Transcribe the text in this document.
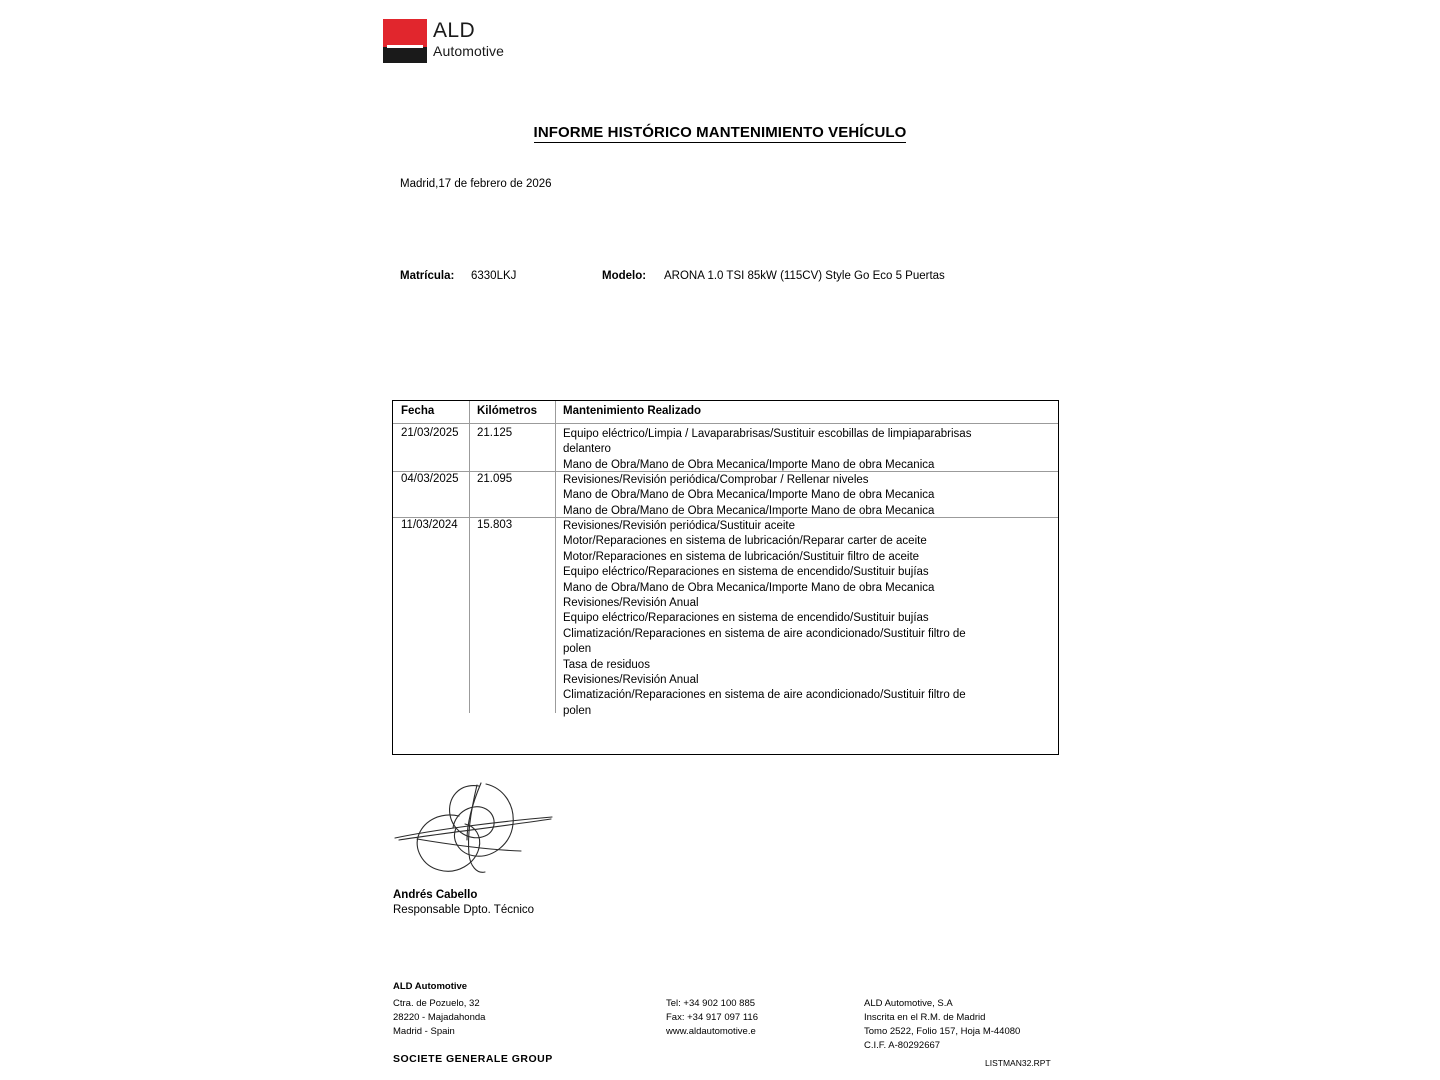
ALD
Automotive
INFORME HISTÓRICO MANTENIMIENTO VEHÍCULO
Madrid,17 de febrero de 2026
Matrícula: 6330LKJ	Modelo: ARONA 1.0 TSI 85kW (115CV) Style Go Eco 5 Puertas
Fecha	Kilómetros Mantenimiento Realizado
21/03/2025 21.125	Equipo eléctrico/Limpia / Lavaparabrisas/Sustituir escobillas de limpiaparabrisas delantero
Mano de Obra/Mano de Obra Mecanica/Importe Mano de obra Mecanica
04/03/2025 21.095	Revisiones/Revisión periódica/Comprobar / Rellenar niveles
Mano de Obra/Mano de Obra Mecanica/Importe Mano de obra Mecanica
Mano de Obra/Mano de Obra Mecanica/Importe Mano de obra Mecanica
11/03/2024 15.803	Revisiones/Revisión periódica/Sustituir aceite
Motor/Reparaciones en sistema de lubricación/Reparar carter de aceite
Motor/Reparaciones en sistema de lubricación/Sustituir filtro de aceite
Equipo eléctrico/Reparaciones en sistema de encendido/Sustituir bujías
Mano de Obra/Mano de Obra Mecanica/Importe Mano de obra Mecanica
Revisiones/Revisión Anual
Equipo eléctrico/Reparaciones en sistema de encendido/Sustituir bujías
Climatización/Reparaciones en sistema de aire acondicionado/Sustituir filtro de polen
Tasa de residuos
Revisiones/Revisión Anual
Climatización/Reparaciones en sistema de aire acondicionado/Sustituir filtro de polen
Andrés Cabello
Responsable Dpto. Técnico
ALD Automotive
Ctra. de Pozuelo, 32
28220 - Majadahonda
Madrid - Spain
Tel: +34 902 100 885
Fax: +34 917 097 116
www.aldautomotive.e
ALD Automotive, S.A
Inscrita en el R.M. de Madrid
Tomo 2522, Folio 157, Hoja M-44080
C.I.F. A-80292667
SOCIETE GENERALE GROUP	LISTMAN32.RPT
